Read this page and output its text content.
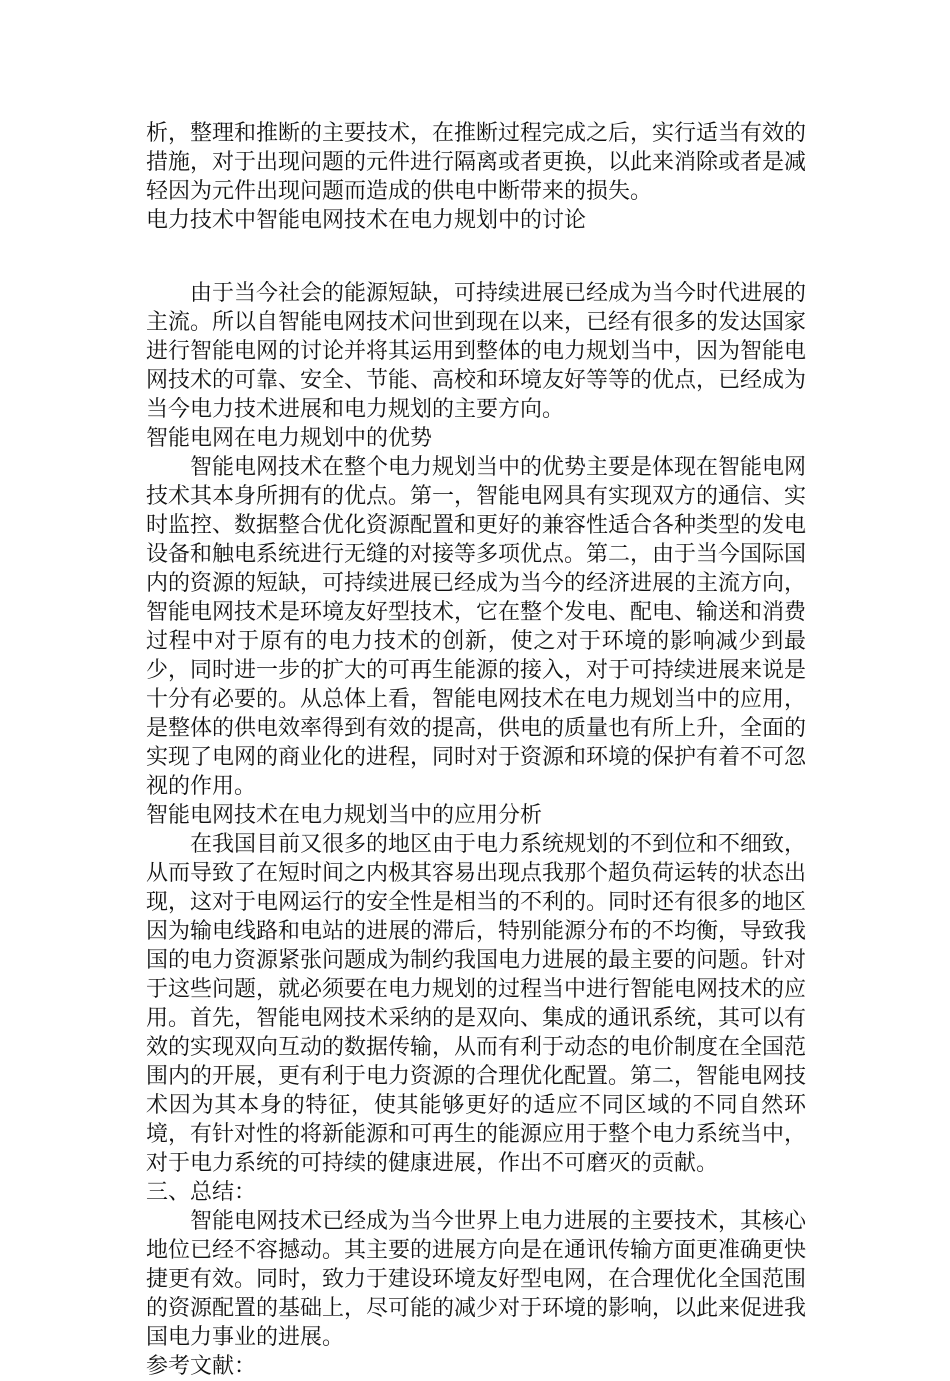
析，整理和推断的主要技术，在推断过程完成之后，实行适当有效的措施，对于出现问题的元件进行隔离或者更换，以此来消除或者是减轻因为元件出现问题而造成的供电中断带来的损失。

电力技术中智能电网技术在电力规划中的讨论

由于当今社会的能源短缺，可持续进展已经成为当今时代进展的主流。所以自智能电网技术问世到现在以来，已经有很多的发达国家进行智能电网的讨论并将其运用到整体的电力规划当中，因为智能电网技术的可靠、安全、节能、高校和环境友好等等的优点，已经成为当今电力技术进展和电力规划的主要方向。

智能电网在电力规划中的优势

智能电网技术在整个电力规划当中的优势主要是体现在智能电网技术其本身所拥有的优点。第一，智能电网具有实现双方的通信、实时监控、数据整合优化资源配置和更好的兼容性适合各种类型的发电设备和触电系统进行无缝的对接等多项优点。第二，由于当今国际国内的资源的短缺，可持续进展已经成为当今的经济进展的主流方向，智能电网技术是环境友好型技术，它在整个发电、配电、输送和消费过程中对于原有的电力技术的创新，使之对于环境的影响减少到最少，同时进一步的扩大的可再生能源的接入，对于可持续进展来说是十分有必要的。从总体上看，智能电网技术在电力规划当中的应用，是整体的供电效率得到有效的提高，供电的质量也有所上升，全面的实现了电网的商业化的进程，同时对于资源和环境的保护有着不可忽视的作用。

智能电网技术在电力规划当中的应用分析

在我国目前又很多的地区由于电力系统规划的不到位和不细致，从而导致了在短时间之内极其容易出现点我那个超负荷运转的状态出现，这对于电网运行的安全性是相当的不利的。同时还有很多的地区因为输电线路和电站的进展的滞后，特别能源分布的不均衡，导致我国的电力资源紧张问题成为制约我国电力进展的最主要的问题。针对于这些问题，就必须要在电力规划的过程当中进行智能电网技术的应用。首先，智能电网技术采纳的是双向、集成的通讯系统，其可以有效的实现双向互动的数据传输，从而有利于动态的电价制度在全国范围内的开展，更有利于电力资源的合理优化配置。第二，智能电网技术因为其本身的特征，使其能够更好的适应不同区域的不同自然环境，有针对性的将新能源和可再生的能源应用于整个电力系统当中，对于电力系统的可持续的健康进展，作出不可磨灭的贡献。

三、总结：

智能电网技术已经成为当今世界上电力进展的主要技术，其核心地位已经不容撼动。其主要的进展方向是在通讯传输方面更准确更快捷更有效。同时，致力于建设环境友好型电网，在合理优化全国范围的资源配置的基础上，尽可能的减少对于环境的影响，以此来促进我国电力事业的进展。

参考文献：
